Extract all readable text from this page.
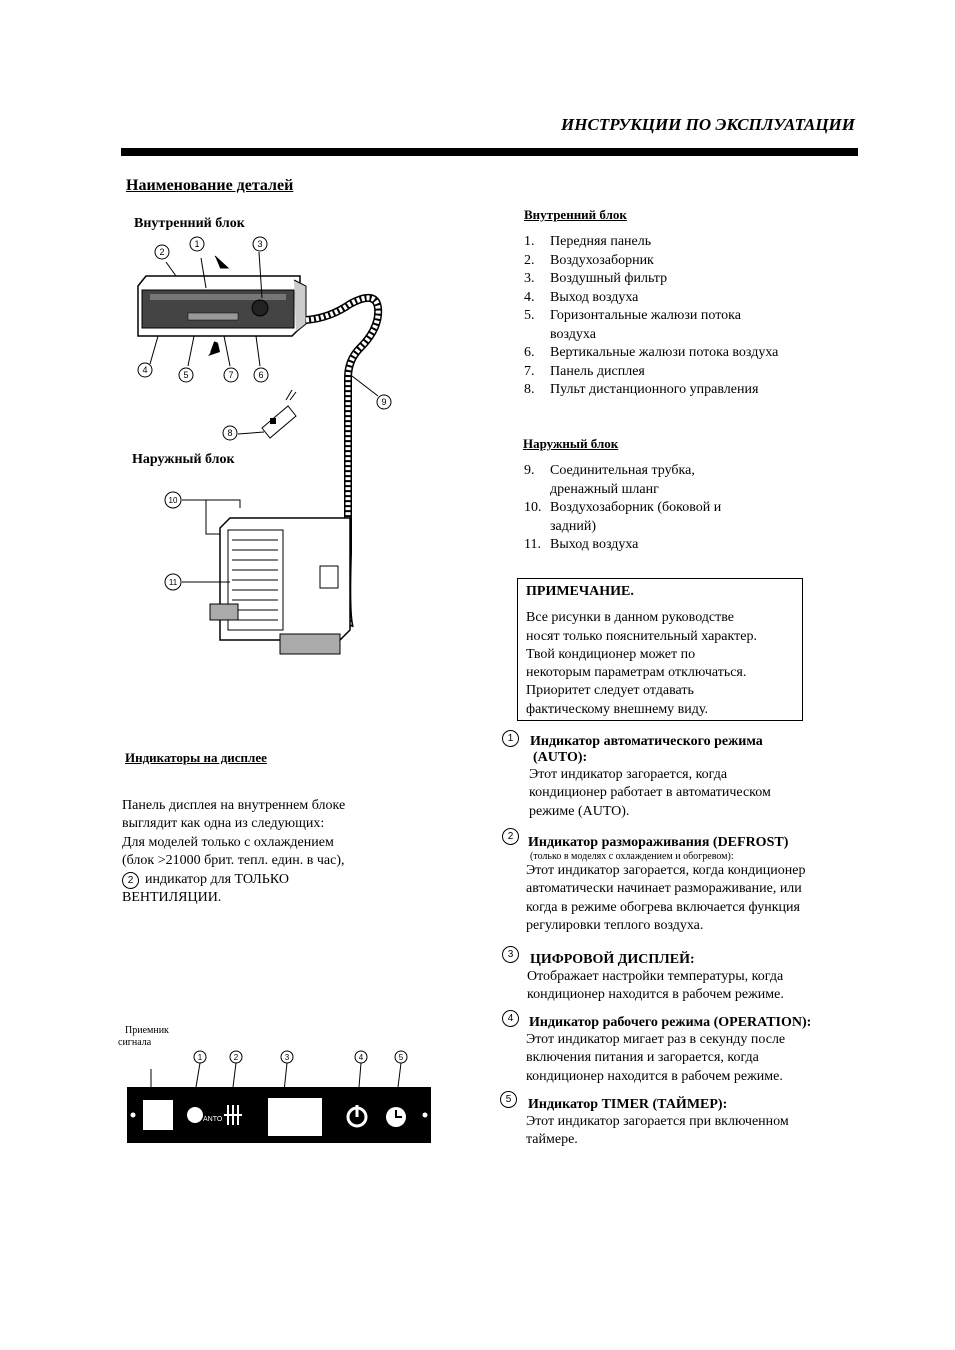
ИНСТРУКЦИИ ПО ЭКСПЛУАТАЦИИ
Наименование деталей
Внутренний блок
Наружный блок
2
1	3
4	5	7	6
8
9
10
11
Внутренний блок
1. Передняя панель
2. Воздухозаборник
3. Воздушный фильтр
4. Выход воздуха
5. Горизонтальные жалюзи потока воздуха
6. Вертикальные жалюзи потока воздуха
7. Панель дисплея
8. Пульт дистанционного управления
Наружный блок
9. Соединительная трубка, дренажный шланг
10. Воздухозаборник (боковой и задний)
11. Выход воздуха
ПРИМЕЧАНИЕ.
Все рисунки в данном руководстве
носят только пояснительный характер.
Твой кондиционер может по
некоторым параметрам отключаться.
Приоритет следует отдавать
фактическому внешнему виду.
Индикаторы на дисплее
Панель дисплея на внутреннем блоке
выглядит как одна из следующих:
Для моделей только с охлаждением
(блок >21000 брит. тепл. един. в час),
2 индикатор для ТОЛЬКО
ВЕНТИЛЯЦИИ.
Приемник
сигнала
1	2	3	4	5
ANTO
1	Индикатор автоматического режима
(AUTO):
Этот индикатор загорается, когда
кондиционер работает в автоматическом
режиме (AUTO).
2	Индикатор размораживания (DEFROST)
(только в моделях с охлаждением и обогревом):
Этот индикатор загорается, когда кондиционер
автоматически начинает размораживание, или
когда в режиме обогрева включается функция
регулировки теплого воздуха.
3	ЦИФРОВОЙ ДИСПЛЕЙ:
Отображает настройки температуры, когда
кондиционер находится в рабочем режиме.
4	Индикатор рабочего режима (OPERATION):
Этот индикатор мигает раз в секунду после
включения питания и загорается, когда
кондиционер находится в рабочем режиме.
5	Индикатор TIMER (ТАЙМЕР):
Этот индикатор загорается при включенном
таймере.
